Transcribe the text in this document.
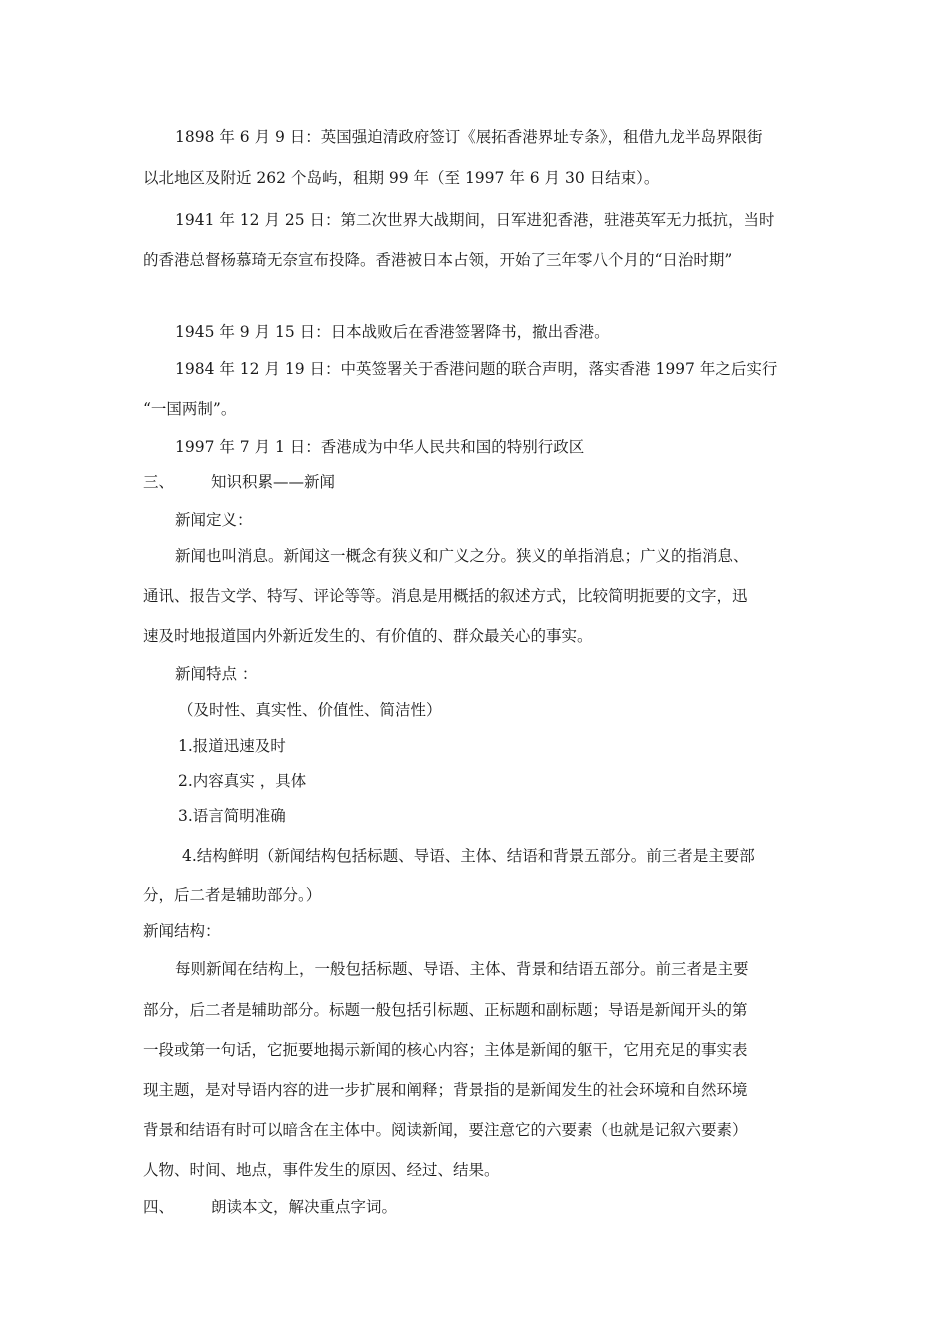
1898 年 6 月 9 日：英国强迫清政府签订《展拓香港界址专条》，租借九龙半岛界限街
以北地区及附近 262 个岛屿，租期 99 年（至 1997 年 6 月 30 日结束）。
1941 年 12 月 25 日：第二次世界大战期间，日军进犯香港，驻港英军无力抵抗，当时
的香港总督杨慕琦无奈宣布投降。香港被日本占领，开始了三年零八个月的“日治时期”
1945 年 9 月 15 日：日本战败后在香港签署降书，撤出香港。
1984 年 12 月 19 日：中英签署关于香港问题的联合声明，落实香港 1997 年之后实行
“一国两制”。
1997 年 7 月 1 日：香港成为中华人民共和国的特别行政区
三、 知识积累——新闻
新闻定义：
新闻也叫消息。新闻这一概念有狭义和广义之分。狭义的单指消息；广义的指消息、
通讯、报告文学、特写、评论等等。消息是用概括的叙述方式，比较简明扼要的文字，迅
速及时地报道国内外新近发生的、有价值的、群众最关心的事实。
新闻特点 ：
（及时性、真实性、价值性、简洁性）
1.报道迅速及时
2.内容真实 ，具体
3.语言简明准确
4.结构鲜明（新闻结构包括标题、导语、主体、结语和背景五部分。前三者是主要部
分，后二者是辅助部分。）
新闻结构：
每则新闻在结构上，一般包括标题、导语、主体、背景和结语五部分。前三者是主要
部分，后二者是辅助部分。标题一般包括引标题、正标题和副标题；导语是新闻开头的第
一段或第一句话，它扼要地揭示新闻的核心内容；主体是新闻的躯干，它用充足的事实表
现主题，是对导语内容的进一步扩展和阐释；背景指的是新闻发生的社会环境和自然环境
背景和结语有时可以暗含在主体中。阅读新闻，要注意它的六要素（也就是记叙六要素）
人物、时间、地点，事件发生的原因、经过、结果。
四、 朗读本文，解决重点字词。
